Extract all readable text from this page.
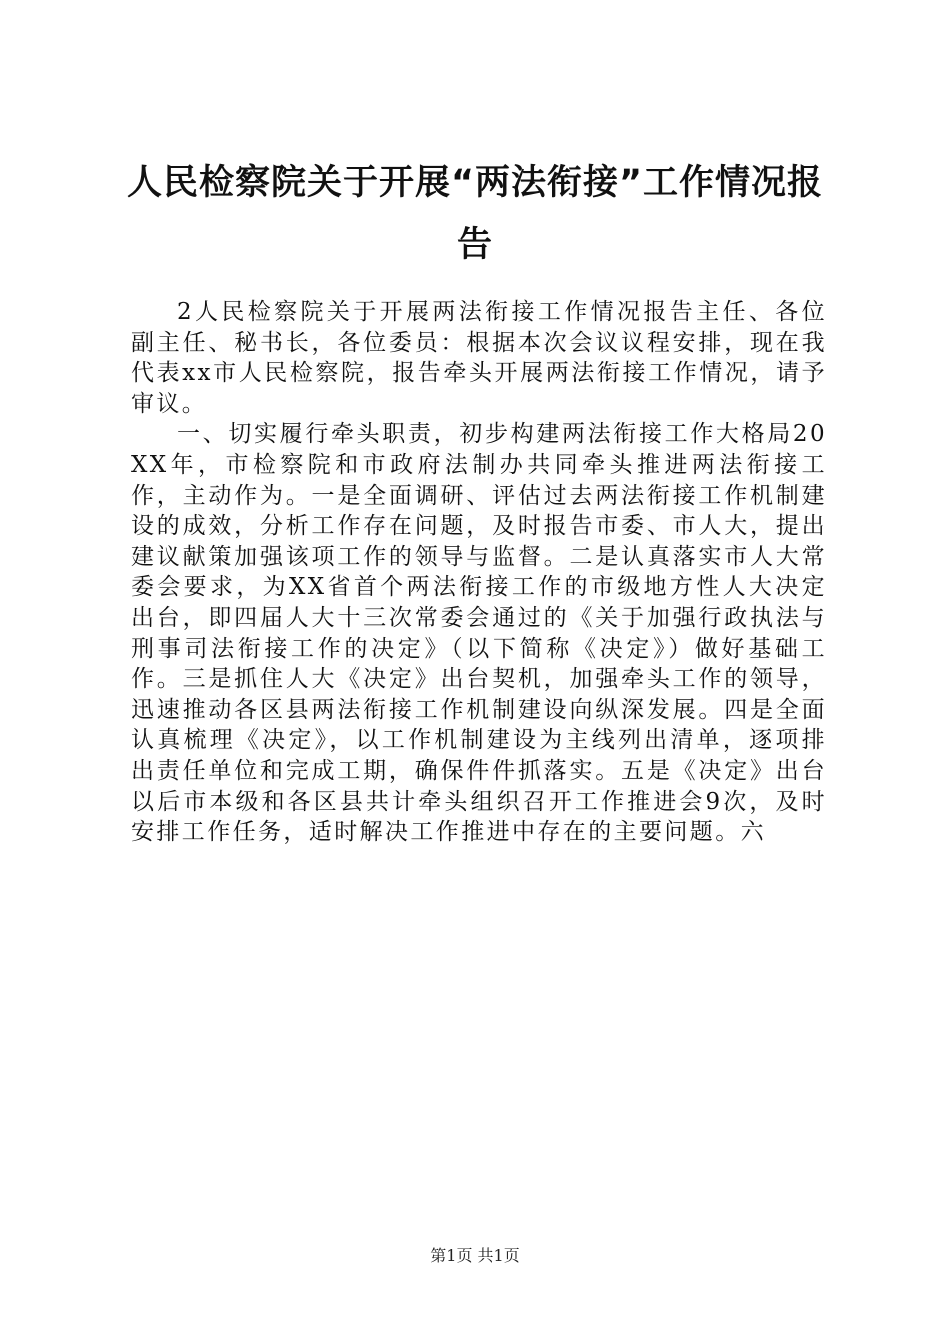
人民检察院关于开展“两法衔接”工作情况报告

2人民检察院关于开展两法衔接工作情况报告主任、各位副主任、秘书长，各位委员：根据本次会议议程安排，现在我代表xx市人民检察院，报告牵头开展两法衔接工作情况，请予审议。

一、切实履行牵头职责，初步构建两法衔接工作大格局20XX年，市检察院和市政府法制办共同牵头推进两法衔接工作，主动作为。一是全面调研、评估过去两法衔接工作机制建设的成效，分析工作存在问题，及时报告市委、市人大，提出建议献策加强该项工作的领导与监督。二是认真落实市人大常委会要求，为XX省首个两法衔接工作的市级地方性人大决定出台，即四届人大十三次常委会通过的《关于加强行政执法与刑事司法衔接工作的决定》（以下简称《决定》）做好基础工作。三是抓住人大《决定》出台契机，加强牵头工作的领导，迅速推动各区县两法衔接工作机制建设向纵深发展。四是全面认真梳理《决定》，以工作机制建设为主线列出清单，逐项排出责任单位和完成工期，确保件件抓落实。五是《决定》出台以后市本级和各区县共计牵头组织召开工作推进会9次，及时安排工作任务，适时解决工作推进中存在的主要问题。六

第1页 共1页
